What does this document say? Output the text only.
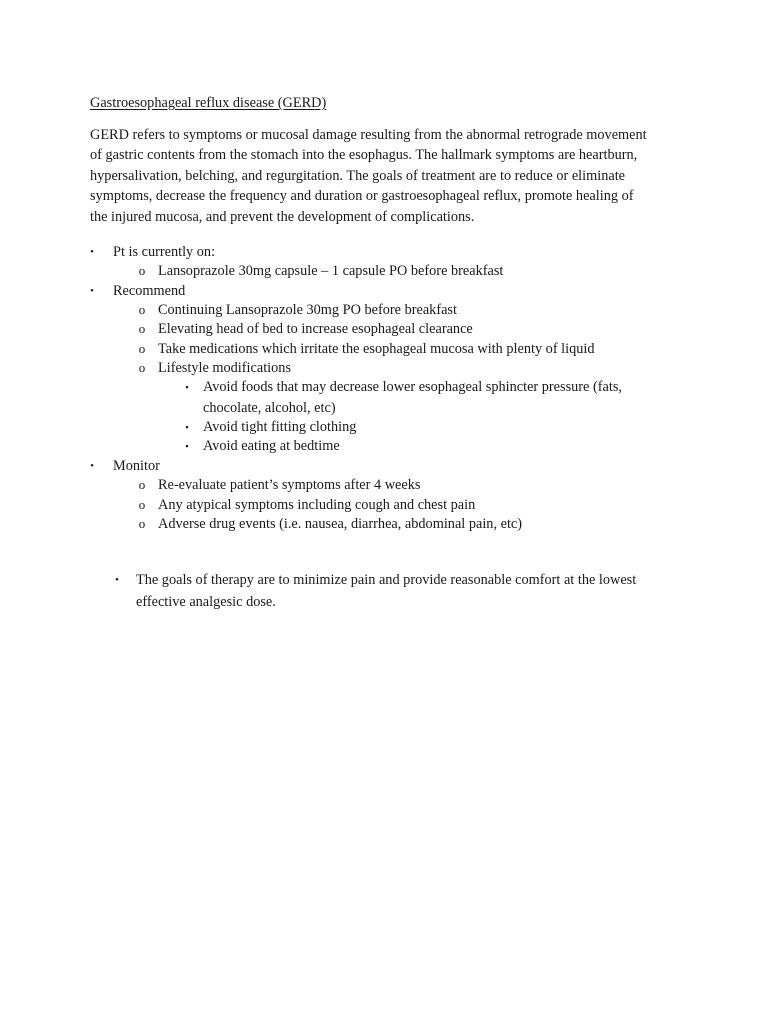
Gastroesophageal reflux disease (GERD)
GERD refers to symptoms or mucosal damage resulting from the abnormal retrograde movement
of gastric contents from the stomach into the esophagus. The hallmark symptoms are heartburn,
hypersalivation, belching, and regurgitation. The goals of treatment are to reduce or eliminate
symptoms, decrease the frequency and duration or gastroesophageal reflux, promote healing of
the injured mucosa, and prevent the development of complications.
•	Pt is currently on:
o Lansoprazole 30mg capsule – 1 capsule PO before breakfast
•	Recommend
o Continuing Lansoprazole 30mg PO before breakfast
o Elevating head of bed to increase esophageal clearance
o Take medications which irritate the esophageal mucosa with plenty of liquid
o Lifestyle modifications
▪	Avoid foods that may decrease lower esophageal sphincter pressure (fats,
chocolate, alcohol, etc)
▪	Avoid tight fitting clothing
▪	Avoid eating at bedtime
•	Monitor
o Re-evaluate patient’s symptoms after 4 weeks
o Any atypical symptoms including cough and chest pain
o Adverse drug events (i.e. nausea, diarrhea, abdominal pain, etc)
•	The goals of therapy are to minimize pain and provide reasonable comfort at the lowest
effective analgesic dose.
